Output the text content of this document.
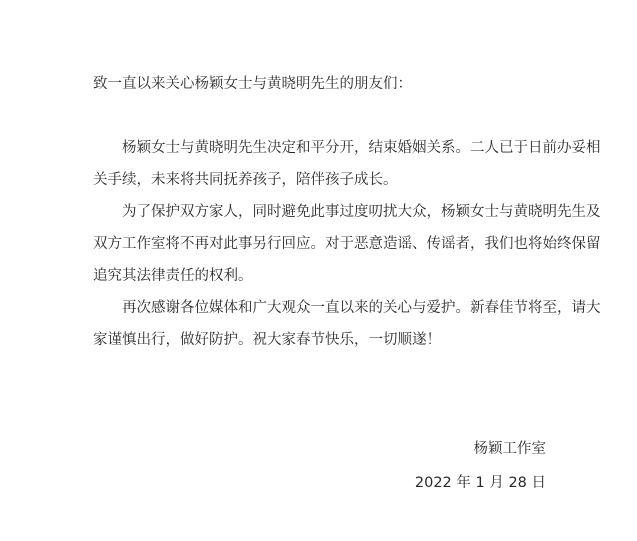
致一直以来关心杨颖女士与黄晓明先生的朋友们：
杨颖女士与黄晓明先生决定和平分开，结束婚姻关系。二人已于日前办妥相
关手续，未来将共同抚养孩子，陪伴孩子成长。
为了保护双方家人，同时避免此事过度叨扰大众，杨颖女士与黄晓明先生及
双方工作室将不再对此事另行回应。对于恶意造谣、传谣者，我们也将始终保留
追究其法律责任的权利。
再次感谢各位媒体和广大观众一直以来的关心与爱护。新春佳节将至，请大
家谨慎出行，做好防护。祝大家春节快乐，一切顺遂！
杨颖工作室
2022 年 1 月 28 日
